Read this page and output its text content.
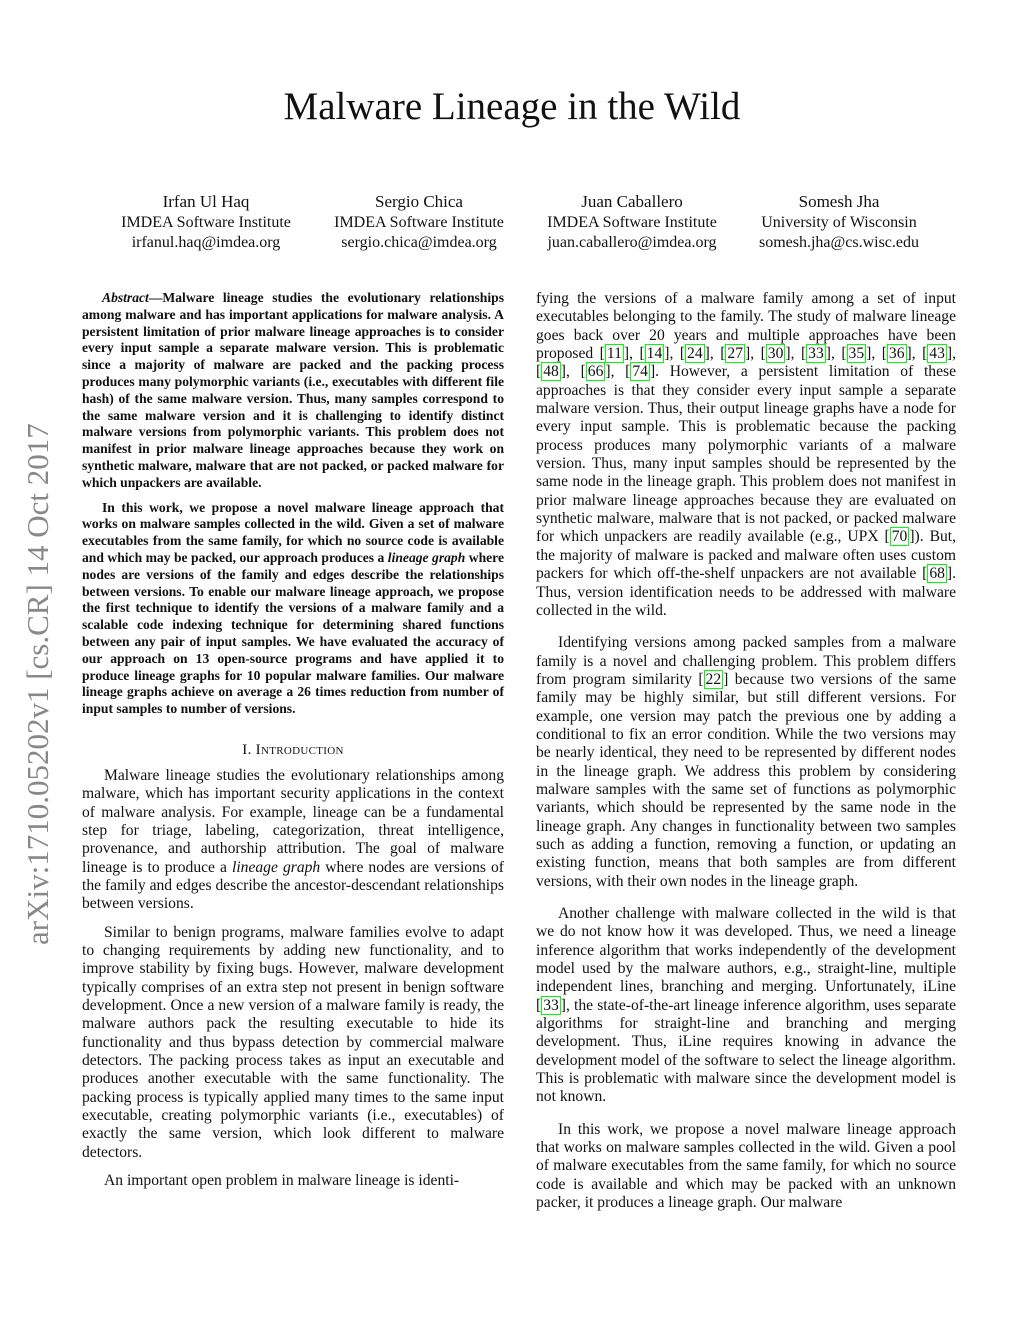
Malware Lineage in the Wild
Irfan Ul Haq
IMDEA Software Institute
irfanul.haq@imdea.org
Sergio Chica
IMDEA Software Institute
sergio.chica@imdea.org
Juan Caballero
IMDEA Software Institute
juan.caballero@imdea.org
Somesh Jha
University of Wisconsin
somesh.jha@cs.wisc.edu
arXiv:1710.05202v1 [cs.CR] 14 Oct 2017

Abstract—Malware lineage studies the evolutionary relationships among malware and has important applications for malware analysis. A persistent limitation of prior malware lineage approaches is to consider every input sample a separate malware version. This is problematic since a majority of malware are packed and the packing process produces many polymorphic variants (i.e., executables with different file hash) of the same malware version. Thus, many samples correspond to the same malware version and it is challenging to identify distinct malware versions from polymorphic variants. This problem does not manifest in prior malware lineage approaches because they work on synthetic malware, malware that are not packed, or packed malware for which unpackers are available.

In this work, we propose a novel malware lineage approach that works on malware samples collected in the wild. Given a set of malware executables from the same family, for which no source code is available and which may be packed, our approach produces a lineage graph where nodes are versions of the family and edges describe the relationships between versions. To enable our malware lineage approach, we propose the first technique to identify the versions of a malware family and a scalable code indexing technique for determining shared functions between any pair of input samples. We have evaluated the accuracy of our approach on 13 open-source programs and have applied it to produce lineage graphs for 10 popular malware families. Our malware lineage graphs achieve on average a 26 times reduction from number of input samples to number of versions.

I. Introduction

Malware lineage studies the evolutionary relationships among malware, which has important security applications in the context of malware analysis. For example, lineage can be a fundamental step for triage, labeling, categorization, threat intelligence, provenance, and authorship attribution. The goal of malware lineage is to produce a lineage graph where nodes are versions of the family and edges describe the ancestor-descendant relationships between versions.

Similar to benign programs, malware families evolve to adapt to changing requirements by adding new functionality, and to improve stability by fixing bugs. However, malware development typically comprises of an extra step not present in benign software development. Once a new version of a malware family is ready, the malware authors pack the resulting executable to hide its functionality and thus bypass detection by commercial malware detectors. The packing process takes as input an executable and produces another executable with the same functionality. The packing process is typically applied many times to the same input executable, creating polymorphic variants (i.e., executables) of exactly the same version, which look different to malware detectors.

An important open problem in malware lineage is identi-

fying the versions of a malware family among a set of input executables belonging to the family. The study of malware lineage goes back over 20 years and multiple approaches have been proposed [ 11 ], [ 14 ], [ 24 ], [ 27 ], [ 30 ], [ 33 ], [ 35 ], [ 36 ], [ 43 ], [ 48 ], [ 66 ], [ 74 ]. However, a persistent limitation of these approaches is that they consider every input sample a separate malware version. Thus, their output lineage graphs have a node for every input sample. This is problematic because the packing process produces many polymorphic variants of a malware version. Thus, many input samples should be represented by the same node in the lineage graph. This problem does not manifest in prior malware lineage approaches because they are evaluated on synthetic malware, malware that is not packed, or packed malware for which unpackers are readily available (e.g., UPX [ 70 ]). But, the majority of malware is packed and malware often uses custom packers for which off-the-shelf unpackers are not available [ 68 ]. Thus, version identification needs to be addressed with malware collected in the wild.

Identifying versions among packed samples from a malware family is a novel and challenging problem. This problem differs from program similarity [ 22 ] because two versions of the same family may be highly similar, but still different versions. For example, one version may patch the previous one by adding a conditional to fix an error condition. While the two versions may be nearly identical, they need to be represented by different nodes in the lineage graph. We address this problem by considering malware samples with the same set of functions as polymorphic variants, which should be represented by the same node in the lineage graph. Any changes in functionality between two samples such as adding a function, removing a function, or updating an existing function, means that both samples are from different versions, with their own nodes in the lineage graph.

Another challenge with malware collected in the wild is that we do not know how it was developed. Thus, we need a lineage inference algorithm that works independently of the development model used by the malware authors, e.g., straight-line, multiple independent lines, branching and merging. Unfortunately, iLine [ 33 ], the state-of-the-art lineage inference algorithm, uses separate algorithms for straight-line and branching and merging development. Thus, iLine requires knowing in advance the development model of the software to select the lineage algorithm. This is problematic with malware since the development model is not known.

In this work, we propose a novel malware lineage approach that works on malware samples collected in the wild. Given a pool of malware executables from the same family, for which no source code is available and which may be packed with an unknown packer, it produces a lineage graph. Our malware
